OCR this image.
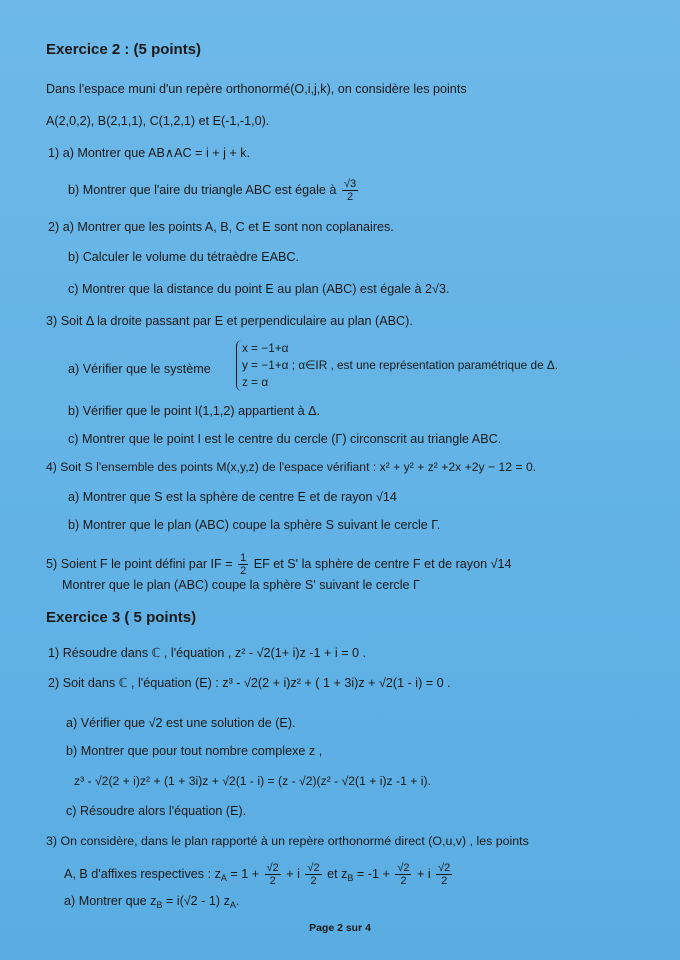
Exercice 2 : (5 points)
Dans l'espace muni d'un repère orthonormé(O,i,j,k), on considère les points
A(2,0,2), B(2,1,1), C(1,2,1) et E(-1,-1,0).
1) a) Montrer que AB∧AC = i + j + k.
b) Montrer que l'aire du triangle ABC est égale à $\frac{√3}{2}$
2) a) Montrer que les points A, B, C et E sont non coplanaires.
b) Calculer le volume du tétraèdre EABC.
c) Montrer que la distance du point E au plan (ABC) est égale à 2√3.
3) Soit Δ la droite passant par E et perpendiculaire au plan (ABC).
a) Vérifier que le système
x = −1+α
y = −1+α ; α∈IR , est une représentation paramétrique de Δ.
z = α
b) Vérifier que le point I(1,1,2) appartient à Δ.
c) Montrer que le point I est le centre du cercle (Γ) circonscrit au triangle ABC.
4) Soit S l'ensemble des points M(x,y,z) de l'espace vérifiant : x² + y² + z² +2x +2y − 12 = 0.
a) Montrer que S est la sphère de centre E et de rayon √14
b) Montrer que le plan (ABC) coupe la sphère S suivant le cercle Γ.
5) Soient F le point défini par IF = $\frac{1}{2}$ EF et S' la sphère de centre F et de rayon √14
Montrer que le plan (ABC) coupe la sphère S' suivant le cercle Γ
Exercice 3 ( 5 points)
1) Résoudre dans ℂ , l'équation , z² - √2(1+ i)z -1 + i = 0 .
2) Soit dans ℂ , l'équation (E) : z³ - √2(2 + i)z² + ( 1 + 3i)z + √2(1 - i) = 0 .
a) Vérifier que √2 est une solution de (E).
b) Montrer que pour tout nombre complexe z ,
z³ - √2(2 + i)z² + (1 + 3i)z + √2(1 - i) = (z - √2)(z² - √2(1 + i)z -1 + i).
c) Résoudre alors l'équation (E).
3) On considère, dans le plan rapporté à un repère orthonormé direct (O,u,v) , les points
A, B d'affixes respectives : $z_A = 1 + \frac{√2}{2} + i \frac{√2}{2}$ et $z_B = -1 + \frac{√2}{2} + i \frac{√2}{2}$
a) Montrer que $z_B = i(√2 - 1)$ $z_A$.
Page 2 sur 4
